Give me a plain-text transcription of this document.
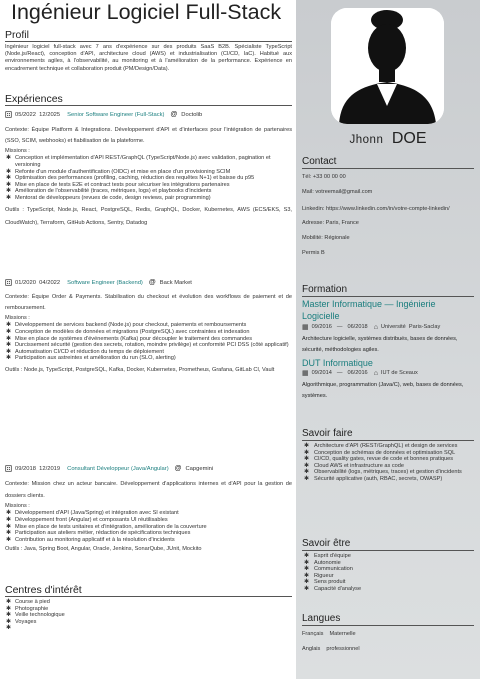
Ingénieur Logiciel Full-Stack
Profil
Ingénieur logiciel full-stack avec 7 ans d'expérience sur des produits SaaS B2B. Spécialiste TypeScript (Node.js/React), conception d'API, architecture cloud (AWS) et industrialisation (CI/CD, IaC). Habitué aux environnements agiles, à l'observabilité, au monitoring et à l'amélioration de la performance. Expérience en encadrement technique et collaboration produit (PM/Design/Data).
Expériences
05/2022  12/2025 Senior Software Engineer (Full-Stack) @ Doctolib
Contexte: Équipe Platform & Integrations. Développement d'API et d'interfaces pour l'intégration de partenaires (SSO, SCIM, webhooks) et fiabilisation de la plateforme.
Missions :
✱ Conception et implémentation d'API REST/GraphQL (TypeScript/Node.js) avec validation, pagination et versioning
✱ Refonte d'un module d'authentification (OIDC) et mise en place d'un provisioning SCIM
✱ Optimisation des performances (profiling, caching, réduction des requêtes N+1) et baisse du p95
✱ Mise en place de tests E2E et contract tests pour sécuriser les intégrations partenaires
✱ Amélioration de l'observabilité (traces, métriques, logs) et playbooks d'incidents
✱ Mentorat de développeurs (revues de code, design reviews, pair programming)
Outils : TypeScript, Node.js, React, PostgreSQL, Redis, GraphQL, Docker, Kubernetes, AWS (ECS/EKS, S3, CloudWatch), Terraform, GitHub Actions, Sentry, Datadog
01/2020  04/2022 Software Engineer (Backend) @ Back Market
Contexte: Équipe Order & Payments. Stabilisation du checkout et évolution des workflows de paiement et de remboursement.
Missions :
✱ Développement de services backend (Node.js) pour checkout, paiements et remboursements
✱ Conception de modèles de données et migrations (PostgreSQL) avec contraintes et indexation
✱ Mise en place de systèmes d'événements (Kafka) pour découpler le traitement des commandes
✱ Durcissement sécurité (gestion des secrets, rotation, moindre privilège) et conformité PCI DSS (côté applicatif)
✱ Automatisation CI/CD et réduction du temps de déploiement
✱ Participation aux astreintes et amélioration du run (SLO, alerting)
Outils : Node.js, TypeScript, PostgreSQL, Kafka, Docker, Kubernetes, Prometheus, Grafana, GitLab CI, Vault
09/2018  12/2019 Consultant Développeur (Java/Angular) @ Capgemini
Contexte: Mission chez un acteur bancaire. Développement d'applications internes et d'API pour la gestion de dossiers clients.
Missions :
✱ Développement d'API (Java/Spring) et intégration avec SI existant
✱ Développement front (Angular) et composants UI réutilisables
✱ Mise en place de tests unitaires et d'intégration, amélioration de la couverture
✱ Participation aux ateliers métier, rédaction de spécifications techniques
✱ Contribution au monitoring applicatif et à la résolution d'incidents
Outils : Java, Spring Boot, Angular, Oracle, Jenkins, SonarQube, JUnit, Mockito
Centres d'intérêt
✱ Course à pied
✱ Photographie
✱ Veille technologique
✱ Voyages
✱
Jhonn DOE
Contact
Tél: +33 00 00 00
Mail: votreemail@gmail.com
Linkedin: https://www.linkedin.com/in/votre-compte-linkedin/
Adresse: Paris, France
Mobilité: Régionale
Permis B
Formation
Master Informatique — Ingénierie Logicielle
▦ 09/2016 — 06/2018 ⌂ Université  Paris-Saclay
Architecture logicielle, systèmes distribués, bases de données, sécurité, méthodologies agiles.
DUT Informatique
▦ 09/2014 — 06/2016 ⌂ IUT de Sceaux
Algorithmique, programmation (Java/C), web, bases de données, systèmes.
Savoir faire
✱ Architecture d'API (REST/GraphQL) et design de services
✱ Conception de schémas de données et optimisation SQL
✱ CI/CD, quality gates, revue de code et bonnes pratiques
✱ Cloud AWS et infrastructure as code
✱ Observabilité (logs, métriques, traces) et gestion d'incidents
✱ Sécurité applicative (auth, RBAC, secrets, OWASP)
Savoir être
✱ Esprit d'équipe
✱ Autonomie
✱ Communication
✱ Rigueur
✱ Sens produit
✱ Capacité d'analyse
Langues
Français Maternelle
Anglais professionnel
